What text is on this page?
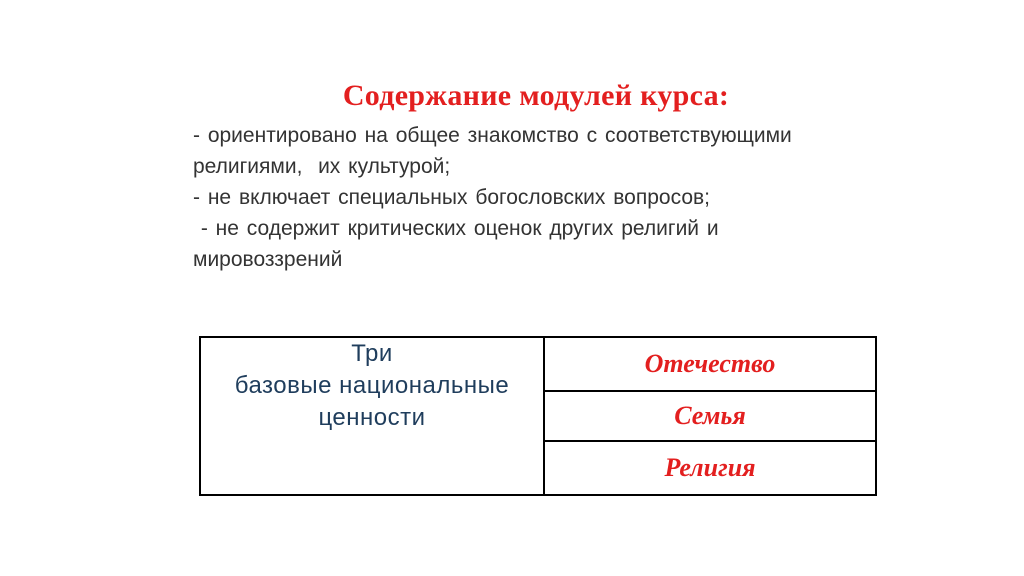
Содержание модулей курса:
- ориентировано на общее знакомство с соответствующими
религиями,  их культурой;
- не включает специальных богословских вопросов;
- не содержит критических оценок других религий и
мировоззрений
Три
базовые национальные
ценности
	Отечество
Семья
Религия
